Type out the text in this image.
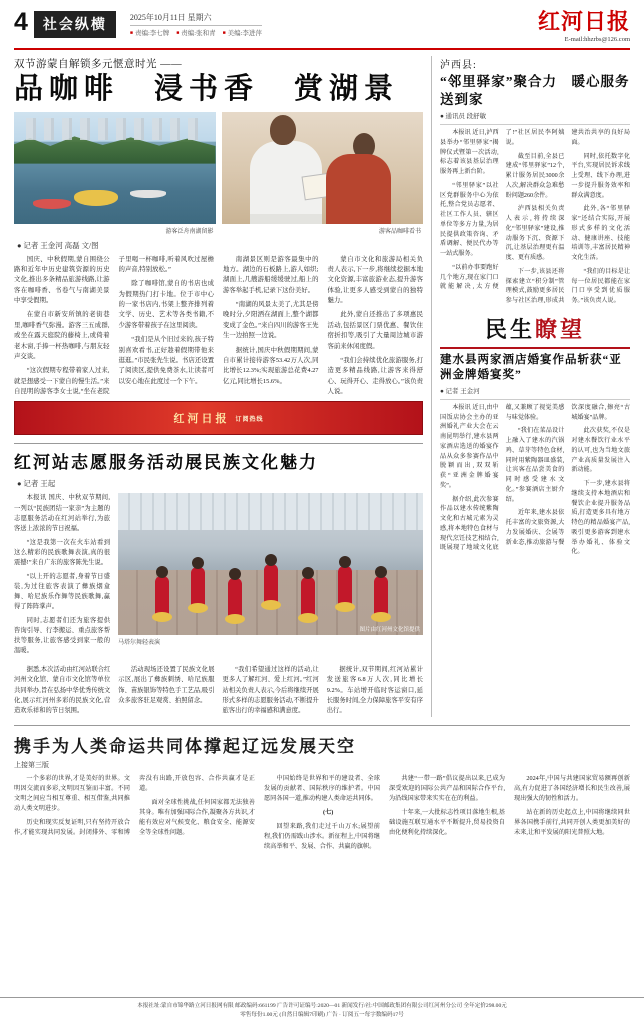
4	社会纵横	2025年10月11日 星期六
■ 责编:李七牌	■ 责编:张和青	■ 美编:李进萍	红河日报
E-mail:hhzrbs@126.com
双节游蒙自解锁多元惬意时光 ——
品咖啡　浸书香　赏湖景
游客泛舟南湖留影	游客品咖啡看书
● 记者 王金河 高磊 文/图

国庆、中秋假期,蒙自围绕公路和近年中历史建筑资源的历史文化,推出多条精品旅游线路,让游客在咖啡香、书卷气与南湖美景中享受假期。

在蒙自市新安所镇的老街巷里,咖啡香气弥漫。游客三五成群,或坐在露天庭院的藤椅上,或倚着老木窗,手捧一杯热咖啡,与朋友轻声交谈。

“这次假期专程带着家人过来,就是想感受一下蒙自的慢生活。”来自昆明的游客李女士说,“坐在老院子里喝一杯咖啡,听着风吹过屋檐的声音,特别放松。”

除了咖啡馆,蒙自的书店也成为假期热门打卡地。位于市中心的一家书店内,书架上整齐排列着文学、历史、艺术等各类书籍,不少游客带着孩子在这里阅读。

“我们是从个旧过来的,孩子特别喜欢看书,正好趁着假期带他来逛逛。”市民张先生说。书店还设置了阅读区,提供免费茶水,让读者可以安心地在此度过一个下午。

南湖景区则是游客最集中的地方。湖边的石板路上,游人如织;湖面上,几艘游船缓缓驶过,船上的游客举起手机,记录下这份美好。

“南湖的风景太美了,尤其是傍晚时分,夕阳洒在湖面上,整个湖都变成了金色。”来自四川的游客王先生一边拍照一边说。

据统计,国庆中秋假期期间,蒙自市累计接待游客53.42万人次,同比增长12.3%;实现旅游总花费4.27亿元,同比增长15.6%。

蒙自市文化和旅游局相关负责人表示,下一步,将继续挖掘本地文化资源,丰富旅游业态,提升游客体验,让更多人感受到蒙自的独特魅力。

此外,蒙自还推出了多项惠民活动,包括景区门票优惠、餐饮住宿折扣等,吸引了大量周边城市游客前来休闲度假。

“我们会持续优化旅游服务,打造更多精品线路,让游客来得舒心、玩得开心、走得放心。”该负责人说。

红河日报 订阅热线
红河站志愿服务活动展民族文化魅力
● 记者 王起

本报讯 国庆、中秋双节期间,一列以“民族团结一家亲”为主题的志愿服务活动在红河站举行,为旅客送上浓浓的节日祝福。

“这是我第一次在火车站看到这么精彩的民族歌舞表演,真的很震撼!”来自广东的旅客陈先生说。

“以上开的志愿者,身着节日盛装,为过往旅客表演了彝族烟盒舞、哈尼族乐作舞等民族歌舞,赢得了阵阵掌声。

同时,志愿者们还为旅客提供咨询引导、行李搬运、重点旅客帮扶等服务,让旅客感受到家一般的温暖。

图片由红河州文化馆提供
马塔尔舞轻表演

据悉,本次活动由红河站联合红河州文化馆、蒙自市文化馆等单位共同举办,旨在弘扬中华优秀传统文化,展示红河州多彩的民族文化,营造欢乐祥和的节日氛围。

活动现场还设置了民族文化展示区,展出了彝族刺绣、哈尼族服饰、苗族银饰等特色手工艺品,吸引众多旅客驻足观赏、拍照留念。

“我们希望通过这样的活动,让更多人了解红河、爱上红河。”红河站相关负责人表示,今后将继续开展形式多样的志愿服务活动,不断提升旅客出行的幸福感和满意度。

据统计,双节期间,红河站累计发送旅客6.8万人次,同比增长9.2%。车站增开临时客运窗口,延长服务时间,全力保障旅客平安有序出行。

泸西县:
“邻里驿家”聚合力　暖心服务送到家
● 通讯员 段舒敏

本报讯 近日,泸西县举办“邻里驿家”揭牌仪式暨第一次活动,标志着该县基层治理服务再上新台阶。

“邻里驿家”以社区党群服务中心为依托,整合党员志愿者、社区工作人员、辖区单位等多方力量,为居民提供政策咨询、矛盾调解、便民代办等一站式服务。

“以前办事要跑好几个地方,现在家门口就能解决,太方便了!”社区居民李阿姨说。

截至目前,全县已建成“邻里驿家”12个,累计服务居民3000余人次,解决群众急难愁盼问题260余件。

泸西县相关负责人表示,将持续深化“邻里驿家”建设,推动服务下沉、资源下沉,让基层治理更有温度、更有质感。

下一步,该县还将探索建立“积分制”管理模式,鼓励更多居民参与社区治理,形成共建共治共享的良好局面。

同时,依托数字化平台,实现居民诉求线上受理、线下办理,进一步提升服务效率和群众满意度。

此外,各“邻里驿家”还结合实际,开展形式多样的文化活动、健康讲座、技能培训等,丰富居民精神文化生活。

“我们的目标是让每一位居民都能在家门口享受到优质服务。”该负责人说。

民生瞭望
建水县两家酒店婚宴作品斩获“亚洲金牌婚宴奖”
● 记者 王金河

本报讯 近日,由中国饭店协会主办的亚洲婚礼产业大会在云南昆明举行,建水县两家酒店选送的婚宴作品从众多参赛作品中脱颖而出,双双斩获“亚洲金牌婚宴奖”。

据介绍,此次参赛作品以建水传统紫陶文化和古城元素为灵感,将本地特色食材与现代烹饪技艺相结合,既展现了地域文化底蕴,又兼顾了视觉美感与味觉体验。

“我们在菜品设计上融入了建水的汽锅鸡、草芽等特色食材,同时用紫陶器皿盛装,让宾客在品尝美食的同时感受建水文化。”参赛酒店主厨介绍。

近年来,建水县依托丰富的文旅资源,大力发展婚庆、会展等新业态,推动旅游与餐饮深度融合,擦亮“古城婚宴”品牌。

此次获奖,不仅是对建水餐饮行业水平的认可,也为当地文旅产业高质量发展注入新动能。

下一步,建水县将继续支持本地酒店和餐饮企业提升服务品质,打造更多具有地方特色的精品婚宴产品,吸引更多游客到建水举办婚礼、体验文化。

携手为人类命运共同体撑起辽远发展天空
上接第三版

一个多彩的世界,才是美好的世界。文明因交流而多彩,文明因互鉴而丰富。不同文明之间应当相互尊重、相互借鉴,共同推动人类文明进步。

历史和现实反复证明,只有坚持开放合作,才能实现共同发展。封闭排外、零和博弈没有出路,开放包容、合作共赢才是正道。

面对全球性挑战,任何国家都无法独善其身。唯有加强国际合作,凝聚各方共识,才能有效应对气候变化、粮食安全、能源安全等全球性问题。

中国始终是世界和平的建设者、全球发展的贡献者、国际秩序的维护者。中国愿同各国一道,推动构建人类命运共同体。

(七)

回望来路,我们走过千山万水;展望前程,我们仍需跋山涉水。新征程上,中国将继续高举和平、发展、合作、共赢的旗帜。

共建“一带一路”倡议提出以来,已成为深受欢迎的国际公共产品和国际合作平台,为沿线国家带来实实在在的利益。

十年来,一大批标志性项目落地生根,基础设施互联互通水平不断提升,贸易投资自由化便利化持续深化。

2024年,中国与共建国家贸易额再创新高,有力促进了各国经济增长和民生改善,展现出强大的韧性和活力。

站在新的历史起点上,中国将继续同世界各国携手前行,共同开创人类更加美好的未来,让和平发展的阳光普照大地。

本报社址:蒙自市锦华路立河日报网有限 邮政编码:661199 广告许可证编号:2020—01 新闻发行/社:中国邮政集团有限公司红河州分公司 全年定价298.00元
零售每份1.00元 (自然日编辑7印刷) 广告 · 订阅五一每字数编码17号
